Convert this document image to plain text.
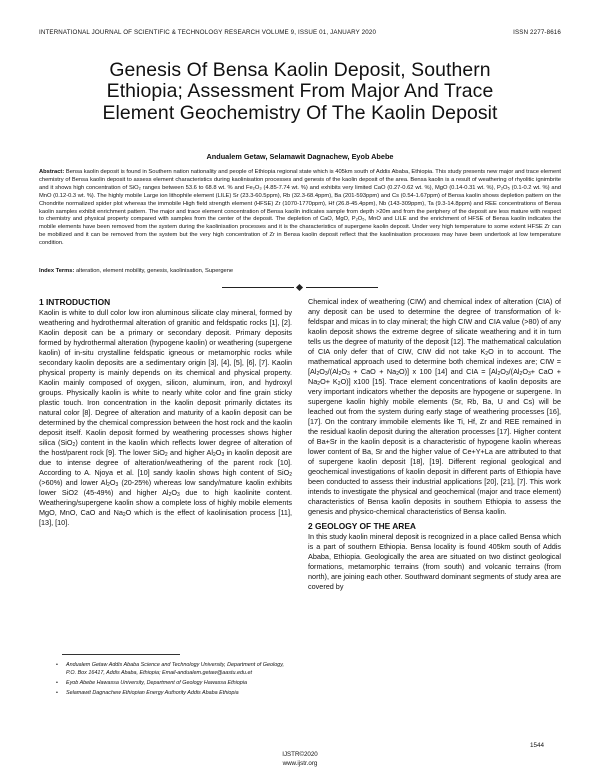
INTERNATIONAL JOURNAL OF SCIENTIFIC & TECHNOLOGY RESEARCH VOLUME 9, ISSUE 01, JANUARY 2020	ISSN 2277-8616
Genesis Of Bensa Kaolin Deposit, Southern
Ethiopia; Assessment From Major And Trace
Element Geochemistry Of The Kaolin Deposit
Andualem Getaw, Selamawit Dagnachew, Eyob Abebe
Abstract: Bensa kaolin deposit is found in Southern nation nationality and people of Ethiopia regional state which is 405km south of Addis Ababa, Ethiopia. This study presents new major and trace element chemistry of Bensa kaolin deposit to assess element characteristics during kaolinisation processes and genesis of the kaolin deposit of the area. Bensa kaolin is a result of weathering of rhyolitic ignimbrite and it shows high concentration of SiO₂ ranges between 53.6 to 68.8 wt. % and Fe₂O₃ (4.85-7.74 wt. %) and exhibits very limited CaO (0.27-0.62 wt. %), MgO (0.14-0.31 wt. %), P₂O₅ (0.1-0.2 wt. %) and MnO (0.12-0.3 wt. %). The highly mobile Large ion lithophile element (LILE) Sr (23.3-60.5ppm), Rb (32.3-68.4ppm), Ba (201-593ppm) and Cs (0.54-1.67ppm) of Bensa kaolin shows depletion pattern on the Chondrite normalized spider plot whereas the immobile High field strength element (HFSE) Zr (1070-1770ppm), Hf (26.8-45.4ppm), Nb (143-309ppm), Ta (9.3-14.8ppm) and REE concentrations of Bensa kaolin samples exhibit enrichment pattern. The major and trace element concentration of Bensa kaolin indicates sample from depth >20m and from the periphery of the deposit are less mature with respect to chemistry and physical property compared with samples from the center of the deposit. The depletion of CaO, MgO, P₂O₅, MnO and LILE and the enrichment of HFSE of Bensa kaolin indicates the mobile elements have been removed from the system during the kaolinisation processes and it is the characteristics of supergene kaolin deposit. Under very high temperature to some extent HFSE Zr can be mobilized and it can be removed from the system but the very high concentration of Zr in Bensa kaolin deposit reflect that the kaolinisation processes may have been undertook at low temperature condition.
Index Terms: alteration, element mobility, genesis, kaolinisation, Supergene
1 INTRODUCTION

Kaolin is white to dull color low iron aluminous silicate clay mineral, formed by weathering and hydrothermal alteration of granitic and feldspatic rocks [1], [2]. Kaolin deposit can be a primary or secondary deposit. Primary deposits formed by hydrothermal alteration (hypogene kaolin) or weathering (supergene kaolin) of in-situ crystalline feldspatic igneous or metamorphic rocks while secondary kaolin deposits are a sedimentary origin [3], [4], [5], [6], [7]. Kaolin physical property is mainly depends on its chemical and physical property. Kaolin mainly composed of oxygen, silicon, aluminum, iron, and hydroxyl groups. Physically kaolin is white to nearly white color and fine grain sticky plastic touch. Iron concentration in the kaolin deposit primarily dictates its natural color [8]. Degree of alteration and maturity of a kaolin deposit can be determined by the chemical compression between the host rock and the kaolin deposit itself. Kaolin deposit formed by weathering processes shows higher silica (SiO$_2$) content in the kaolin which reflects lower degree of alteration of the host/parent rock [9]. The lower SiO$_2$ and higher $Al_2O_3$ in kaolin deposit are due to intense degree of alteration/weathering of the parent rock [10]. According to A. Njoya et al. [10] sandy kaolin shows high content of SiO$_2$ (>60%) and lower $Al_2O_3$ (20-25%) whereas low sandy/mature kaolin exhibits lower SiO2 (45-49%) and higher $Al_2O_3$ due to high kaolinite content. Weathering/supergene kaolin show a complete loss of highly mobile elements MgO, MnO, CaO and $Na_2O$ which is the effect of kaolinisation process [11], [13], [10].

• Andualem Getaw Addis Ababa Science and Technology University, Department of Geology, P.O. Box 16417, Addis Ababa, Ethiopia; Email-andualem.getaw@aastu.edu.et
• Eyob Abebe Hawassa University, Department of Geology Hawassa Ethiopia
• Selamawit Dagnachew Ethiopian Energy Authority Addis Ababa Ethiopia

Chemical index of weathering (CIW) and chemical index of alteration (CIA) of any deposit can be used to determine the degree of transformation of k-feldspar and micas in to clay mineral; the high CIW and CIA value (>80) of any kaolin deposit shows the extreme degree of silicate weathering and it in turn tells us the degree of maturity of the deposit [12]. The mathematical calculation of CIA only defer that of CIW, CIW did not take $K_2O$ in to account. The mathematical approach used to determine both chemical indexes are; CIW = [$Al_2O_3/(Al_2O_3$ + CaO + $Na_2O$)] x 100 [14] and CIA = [$Al_2O_3/(Al_2O_3+$ CaO + $Na_2O+ K_2O$)] x100 [15]. Trace element concentrations of kaolin deposits are very important indicators whether the deposits are hypogene or supergene. In supergene kaolin highly mobile elements (Sr, Rb, Ba, U and Cs) will be leached out from the system during early stage of weathering processes [16], [17]. On the contrary immobile elements like Ti, Hf, Zr and REE remained in the residual kaolin deposit during the alteration processes [17]. Higher content of Ba+Sr in the kaolin deposit is a characteristic of hypogene kaolin whereas lower content of Ba, Sr and the higher value of Ce+Y+La are attributed to that of supergene kaolin deposit [18], [19]. Different regional geological and geochemical investigations of kaolin deposit in different parts of Ethiopia have been conducted to assess their industrial applications [20], [21], [7]. This work intends to investigate the physical and geochemical (major and trace element) characteristics of Bensa kaolin deposits in southern Ethiopia to assess the genesis and physico-chemical characteristics of Bensa kaolin.

2 GEOLOGY OF THE AREA

In this study kaolin mineral deposit is recognized in a place called Bensa which is a part of southern Ethiopia. Bensa locality is found 405km south of Addis Ababa, Ethiopia. Geologically the area are situated on two distinct geological formations, metamorphic terrains (from south) and volcanic terrains (from north), are joining each other. Southward dominant segments of study area are covered by

1544
IJSTR©2020
www.ijstr.org
